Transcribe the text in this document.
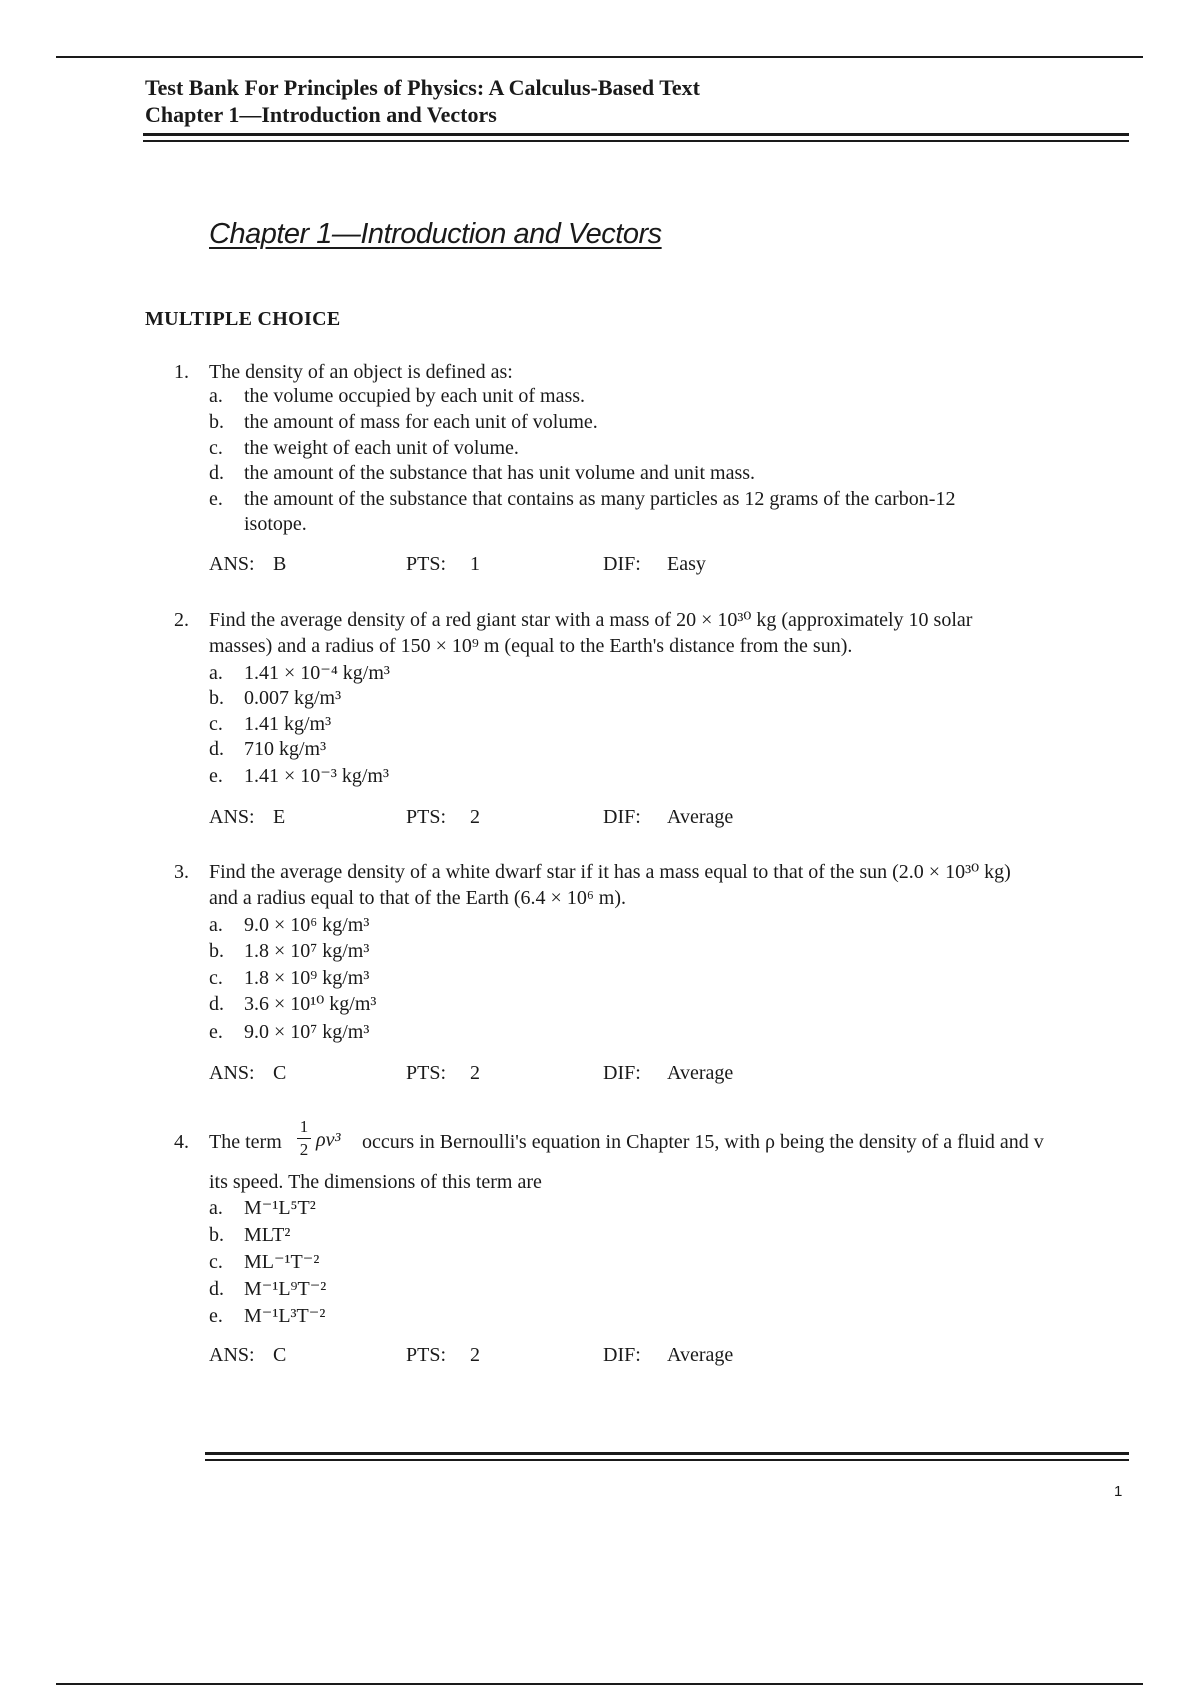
Test Bank For Principles of Physics: A Calculus-Based Text
Chapter 1—Introduction and Vectors
Chapter 1—Introduction and Vectors
MULTIPLE CHOICE
1. The density of an object is defined as:
a. the volume occupied by each unit of mass.
b. the amount of mass for each unit of volume.
c. the weight of each unit of volume.
d. the amount of the substance that has unit volume and unit mass.
e. the amount of the substance that contains as many particles as 12 grams of the carbon-12
isotope.
ANS: B	PTS: 1	DIF: Easy
2. Find the average density of a red giant star with a mass of 20 × 10³⁰ kg (approximately 10 solar
masses) and a radius of 150 × 10⁹ m (equal to the Earth's distance from the sun).
a. 1.41 × 10⁻⁴ kg/m³
b. 0.007 kg/m³
c. 1.41 kg/m³
d. 710 kg/m³
e. 1.41 × 10⁻³ kg/m³
ANS: E	PTS: 2	DIF: Average
3. Find the average density of a white dwarf star if it has a mass equal to that of the sun (2.0 × 10³⁰ kg)
and a radius equal to that of the Earth (6.4 × 10⁶ m).
a. 9.0 × 10⁶ kg/m³
b. 1.8 × 10⁷ kg/m³
c. 1.8 × 10⁹ kg/m³
d. 3.6 × 10¹⁰ kg/m³
e. 9.0 × 10⁷ kg/m³
ANS: C	PTS: 2	DIF: Average
4. The term
1
2 ρv³ occurs in Bernoulli's equation in Chapter 15, with ρ being the density of a fluid and v
its speed. The dimensions of this term are
a. M⁻¹L⁵T²
b. MLT²
c. ML⁻¹T⁻²
d. M⁻¹L⁹T⁻²
e. M⁻¹L³T⁻²
ANS: C	PTS: 2	DIF: Average
1
